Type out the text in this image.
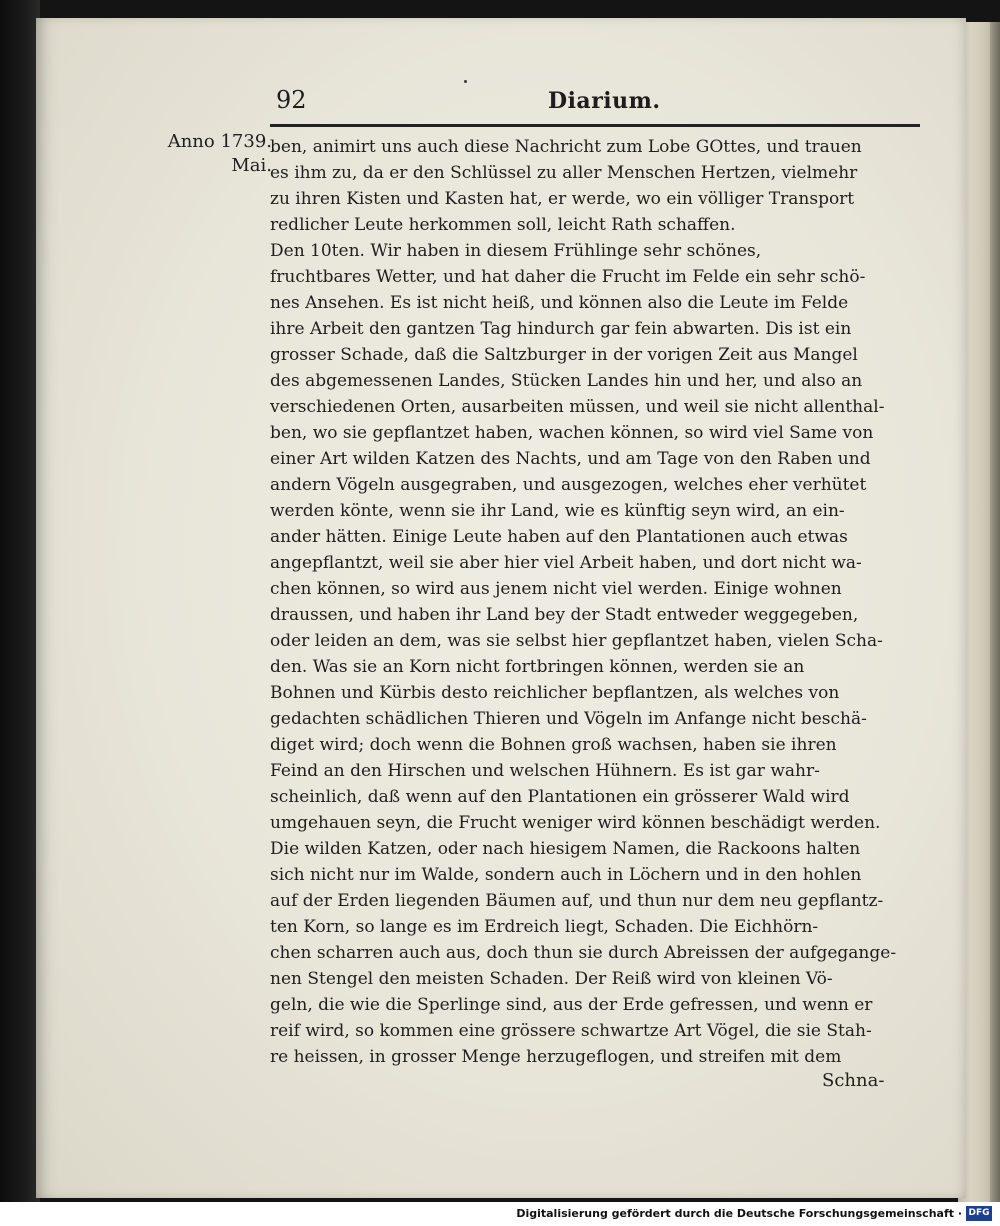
92	Diarium.
Anno 1739.
Mai.
ben, animirt uns auch diese Nachricht zum Lobe GOttes, und trauen
es ihm zu, da er den Schlüssel zu aller Menschen Hertzen, vielmehr
zu ihren Kisten und Kasten hat, er werde, wo ein völliger Transport
redlicher Leute herkommen soll, leicht Rath schaffen.
Den 10ten. Wir haben in diesem Frühlinge sehr schönes,
fruchtbares Wetter, und hat daher die Frucht im Felde ein sehr schö-
nes Ansehen. Es ist nicht heiß, und können also die Leute im Felde
ihre Arbeit den gantzen Tag hindurch gar fein abwarten. Dis ist ein
grosser Schade, daß die Saltzburger in der vorigen Zeit aus Mangel
des abgemessenen Landes, Stücken Landes hin und her, und also an
verschiedenen Orten, ausarbeiten müssen, und weil sie nicht allenthal-
ben, wo sie gepflantzet haben, wachen können, so wird viel Same von
einer Art wilden Katzen des Nachts, und am Tage von den Raben und
andern Vögeln ausgegraben, und ausgezogen, welches eher verhütet
werden könte, wenn sie ihr Land, wie es künftig seyn wird, an ein-
ander hätten. Einige Leute haben auf den Plantationen auch etwas
angepflantzt, weil sie aber hier viel Arbeit haben, und dort nicht wa-
chen können, so wird aus jenem nicht viel werden. Einige wohnen
draussen, und haben ihr Land bey der Stadt entweder weggegeben,
oder leiden an dem, was sie selbst hier gepflantzet haben, vielen Scha-
den. Was sie an Korn nicht fortbringen können, werden sie an
Bohnen und Kürbis desto reichlicher bepflantzen, als welches von
gedachten schädlichen Thieren und Vögeln im Anfange nicht beschä-
diget wird; doch wenn die Bohnen groß wachsen, haben sie ihren
Feind an den Hirschen und welschen Hühnern. Es ist gar wahr-
scheinlich, daß wenn auf den Plantationen ein grösserer Wald wird
umgehauen seyn, die Frucht weniger wird können beschädigt werden.
Die wilden Katzen, oder nach hiesigem Namen, die Rackoons halten
sich nicht nur im Walde, sondern auch in Löchern und in den hohlen
auf der Erden liegenden Bäumen auf, und thun nur dem neu gepflantz-
ten Korn, so lange es im Erdreich liegt, Schaden. Die Eichhörn-
chen scharren auch aus, doch thun sie durch Abreissen der aufgegange-
nen Stengel den meisten Schaden. Der Reiß wird von kleinen Vö-
geln, die wie die Sperlinge sind, aus der Erde gefressen, und wenn er
reif wird, so kommen eine grössere schwartze Art Vögel, die sie Stah-
re heissen, in grosser Menge herzugeflogen, und streifen mit dem
Schna-
Digitalisierung gefördert durch die Deutsche Forschungsgemeinschaft · DFG
